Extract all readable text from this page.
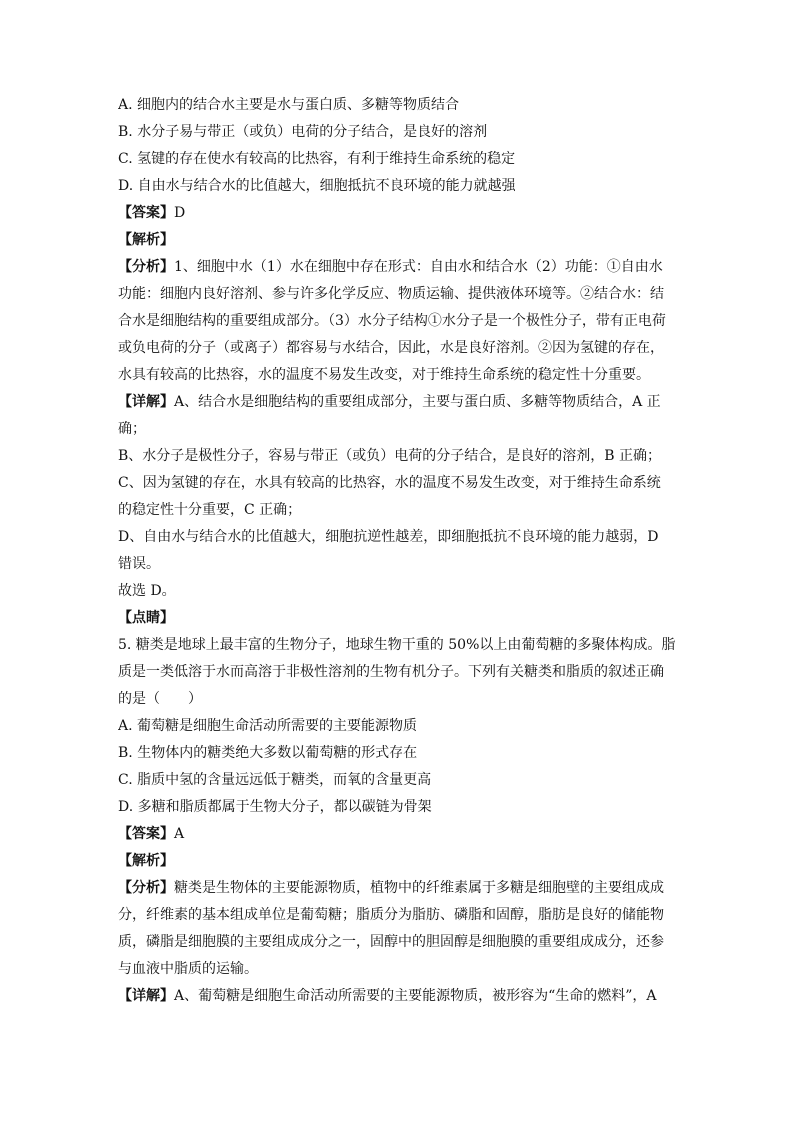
A. 细胞内的结合水主要是水与蛋白质、多糖等物质结合
B. 水分子易与带正（或负）电荷的分子结合，是良好的溶剂
C. 氢键的存在使水有较高的比热容，有利于维持生命系统的稳定
D. 自由水与结合水的比值越大，细胞抵抗不良环境的能力就越强
【答案】D
【解析】
【分析】1、细胞中水（1）水在细胞中存在形式：自由水和结合水（2）功能：①自由水
功能：细胞内良好溶剂、参与许多化学反应、物质运输、提供液体环境等。②结合水：结
合水是细胞结构的重要组成部分。（3）水分子结构①水分子是一个极性分子，带有正电荷
或负电荷的分子（或离子）都容易与水结合，因此，水是良好溶剂。②因为氢键的存在，
水具有较高的比热容，水的温度不易发生改变，对于维持生命系统的稳定性十分重要。
【详解】A、结合水是细胞结构的重要组成部分，主要与蛋白质、多糖等物质结合，A 正
确；
B、水分子是极性分子，容易与带正（或负）电荷的分子结合，是良好的溶剂，B 正确；
C、因为氢键的存在，水具有较高的比热容，水的温度不易发生改变，对于维持生命系统
的稳定性十分重要，C 正确；
D、自由水与结合水的比值越大，细胞抗逆性越差，即细胞抵抗不良环境的能力越弱，D
错误。
故选 D。
【点睛】
5. 糖类是地球上最丰富的生物分子，地球生物干重的 50%以上由葡萄糖的多聚体构成。脂
质是一类低溶于水而高溶于非极性溶剂的生物有机分子。下列有关糖类和脂质的叙述正确
的是（　　）
A. 葡萄糖是细胞生命活动所需要的主要能源物质
B. 生物体内的糖类绝大多数以葡萄糖的形式存在
C. 脂质中氢的含量远远低于糖类，而氧的含量更高
D. 多糖和脂质都属于生物大分子，都以碳链为骨架
【答案】A
【解析】
【分析】糖类是生物体的主要能源物质，植物中的纤维素属于多糖是细胞壁的主要组成成
分，纤维素的基本组成单位是葡萄糖；脂质分为脂肪、磷脂和固醇，脂肪是良好的储能物
质，磷脂是细胞膜的主要组成成分之一，固醇中的胆固醇是细胞膜的重要组成成分，还参
与血液中脂质的运输。
【详解】A、葡萄糖是细胞生命活动所需要的主要能源物质，被形容为“生命的燃料”，A
